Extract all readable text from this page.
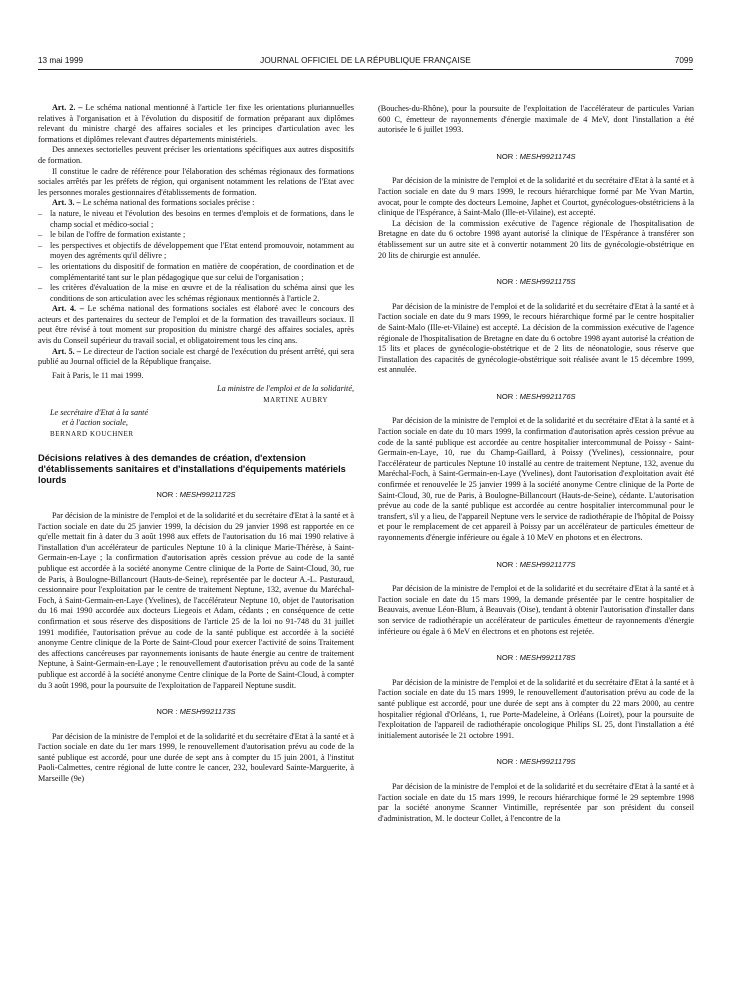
13 mai 1999	JOURNAL OFFICIEL DE LA RÉPUBLIQUE FRANÇAISE	7099

Art. 2. – Le schéma national mentionné à l'article 1er fixe les orientations pluriannuelles relatives à l'organisation et à l'évolution du dispositif de formation préparant aux diplômes relevant du ministre chargé des affaires sociales et les principes d'articulation avec les formations et diplômes relevant d'autres départements ministériels.

Des annexes sectorielles peuvent préciser les orientations spécifiques aux autres dispositifs de formation.

Il constitue le cadre de référence pour l'élaboration des schémas régionaux des formations sociales arrêtés par les préfets de région, qui organisent notamment les relations de l'Etat avec les personnes morales gestionnaires d'établissements de formation.

Art. 3. – Le schéma national des formations sociales précise :

– la nature, le niveau et l'évolution des besoins en termes d'emplois et de formations, dans le champ social et médico-social ;
– le bilan de l'offre de formation existante ;
– les perspectives et objectifs de développement que l'Etat entend promouvoir, notamment au moyen des agréments qu'il délivre ;
– les orientations du dispositif de formation en matière de coopération, de coordination et de complémentarité tant sur le plan pédagogique que sur celui de l'organisation ;
– les critères d'évaluation de la mise en œuvre et de la réalisation du schéma ainsi que les conditions de son articulation avec les schémas régionaux mentionnés à l'article 2.

Art. 4. – Le schéma national des formations sociales est élaboré avec le concours des acteurs et des partenaires du secteur de l'emploi et de la formation des travailleurs sociaux. Il peut être révisé à tout moment sur proposition du ministre chargé des affaires sociales, après avis du Conseil supérieur du travail social, et obligatoirement tous les cinq ans.

Art. 5. – Le directeur de l'action sociale est chargé de l'exécution du présent arrêté, qui sera publié au Journal officiel de la République française.

Fait à Paris, le 11 mai 1999.

La ministre de l'emploi et de la solidarité,
MARTINE AUBRY
Le secrétaire d'Etat à la santé
et à l'action sociale,
BERNARD KOUCHNER
Décisions relatives à des demandes de création, d'extension d'établissements sanitaires et d'installations d'équipements matériels lourds
NOR : MESH9921172S

Par décision de la ministre de l'emploi et de la solidarité et du secrétaire d'Etat à la santé et à l'action sociale en date du 25 janvier 1999, la décision du 29 janvier 1998 est rapportée en ce qu'elle mettait fin à dater du 3 août 1998 aux effets de l'autorisation du 16 mai 1990 relative à l'installation d'un accélérateur de particules Neptune 10 à la clinique Marie-Thérèse, à Saint-Germain-en-Laye ; la confirmation d'autorisation après cession prévue au code de la santé publique est accordée à la société anonyme Centre clinique de la Porte de Saint-Cloud, 30, rue de Paris, à Boulogne-Billancourt (Hauts-de-Seine), représentée par le docteur A.-L. Pasturaud, cessionnaire pour l'exploitation par le centre de traitement Neptune, 132, avenue du Maréchal-Foch, à Saint-Germain-en-Laye (Yvelines), de l'accélérateur Neptune 10, objet de l'autorisation du 16 mai 1990 accordée aux docteurs Liegeois et Adam, cédants ; en conséquence de cette confirmation et sous réserve des dispositions de l'article 25 de la loi no 91-748 du 31 juillet 1991 modifiée, l'autorisation prévue au code de la santé publique est accordée à la société anonyme Centre clinique de la Porte de Saint-Cloud pour exercer l'activité de soins Traitement des affections cancéreuses par rayonnements ionisants de haute énergie au centre de traitement Neptune, à Saint-Germain-en-Laye ; le renouvellement d'autorisation prévu au code de la santé publique est accordé à la société anonyme Centre clinique de la Porte de Saint-Cloud, à compter du 3 août 1998, pour la poursuite de l'exploitation de l'appareil Neptune susdit.

NOR : MESH9921173S

Par décision de la ministre de l'emploi et de la solidarité et du secrétaire d'Etat à la santé et à l'action sociale en date du 1er mars 1999, le renouvellement d'autorisation prévu au code de la santé publique est accordé, pour une durée de sept ans à compter du 15 juin 2001, à l'institut Paoli-Calmettes, centre régional de lutte contre le cancer, 232, boulevard Sainte-Marguerite, à Marseille (9e)

(Bouches-du-Rhône), pour la poursuite de l'exploitation de l'accélérateur de particules Varian 600 C, émetteur de rayonnements d'énergie maximale de 4 MeV, dont l'installation a été autorisée le 6 juillet 1993.

NOR : MESH9921174S

Par décision de la ministre de l'emploi et de la solidarité et du secrétaire d'Etat à la santé et à l'action sociale en date du 9 mars 1999, le recours hiérarchique formé par Me Yvan Martin, avocat, pour le compte des docteurs Lemoine, Japhet et Courtot, gynécologues-obstétriciens à la clinique de l'Espérance, à Saint-Malo (Ille-et-Vilaine), est accepté.

La décision de la commission exécutive de l'agence régionale de l'hospitalisation de Bretagne en date du 6 octobre 1998 ayant autorisé la clinique de l'Espérance à transférer son établissement sur un autre site et à convertir notamment 20 lits de gynécologie-obstétrique en 20 lits de chirurgie est annulée.

NOR : MESH9921175S

Par décision de la ministre de l'emploi et de la solidarité et du secrétaire d'Etat à la santé et à l'action sociale en date du 9 mars 1999, le recours hiérarchique formé par le centre hospitalier de Saint-Malo (Ille-et-Vilaine) est accepté. La décision de la commission exécutive de l'agence régionale de l'hospitalisation de Bretagne en date du 6 octobre 1998 ayant autorisé la création de 15 lits et places de gynécologie-obstétrique et de 2 lits de néonatologie, sous réserve que l'installation des capacités de gynécologie-obstétrique soit réalisée avant le 15 décembre 1999, est annulée.

NOR : MESH9921176S

Par décision de la ministre de l'emploi et de la solidarité et du secrétaire d'Etat à la santé et à l'action sociale en date du 10 mars 1999, la confirmation d'autorisation après cession prévue au code de la santé publique est accordée au centre hospitalier intercommunal de Poissy - Saint-Germain-en-Laye, 10, rue du Champ-Gaillard, à Poissy (Yvelines), cessionnaire, pour l'accélérateur de particules Neptune 10 installé au centre de traitement Neptune, 132, avenue du Maréchal-Foch, à Saint-Germain-en-Laye (Yvelines), dont l'autorisation d'exploitation avait été confirmée et renouvelée le 25 janvier 1999 à la société anonyme Centre clinique de la Porte de Saint-Cloud, 30, rue de Paris, à Boulogne-Billancourt (Hauts-de-Seine), cédante. L'autorisation prévue au code de la santé publique est accordée au centre hospitalier intercommunal pour le transfert, s'il y a lieu, de l'appareil Neptune vers le service de radiothérapie de l'hôpital de Poissy et pour le remplacement de cet appareil à Poissy par un accélérateur de particules émetteur de rayonnements d'énergie inférieure ou égale à 10 MeV en photons et en électrons.

NOR : MESH9921177S

Par décision de la ministre de l'emploi et de la solidarité et du secrétaire d'Etat à la santé et à l'action sociale en date du 15 mars 1999, la demande présentée par le centre hospitalier de Beauvais, avenue Léon-Blum, à Beauvais (Oise), tendant à obtenir l'autorisation d'installer dans son service de radiothérapie un accélérateur de particules émetteur de rayonnements d'énergie inférieure ou égale à 6 MeV en électrons et en photons est rejetée.

NOR : MESH9921178S

Par décision de la ministre de l'emploi et de la solidarité et du secrétaire d'Etat à la santé et à l'action sociale en date du 15 mars 1999, le renouvellement d'autorisation prévu au code de la santé publique est accordé, pour une durée de sept ans à compter du 22 mars 2000, au centre hospitalier régional d'Orléans, 1, rue Porte-Madeleine, à Orléans (Loiret), pour la poursuite de l'exploitation de l'appareil de radiothérapie oncologique Philips SL 25, dont l'installation a été initialement autorisée le 21 octobre 1991.

NOR : MESH9921179S

Par décision de la ministre de l'emploi et de la solidarité et du secrétaire d'Etat à la santé et à l'action sociale en date du 15 mars 1999, le recours hiérarchique formé le 29 septembre 1998 par la société anonyme Scanner Vintimille, représentée par son président du conseil d'administration, M. le docteur Collet, à l'encontre de la
